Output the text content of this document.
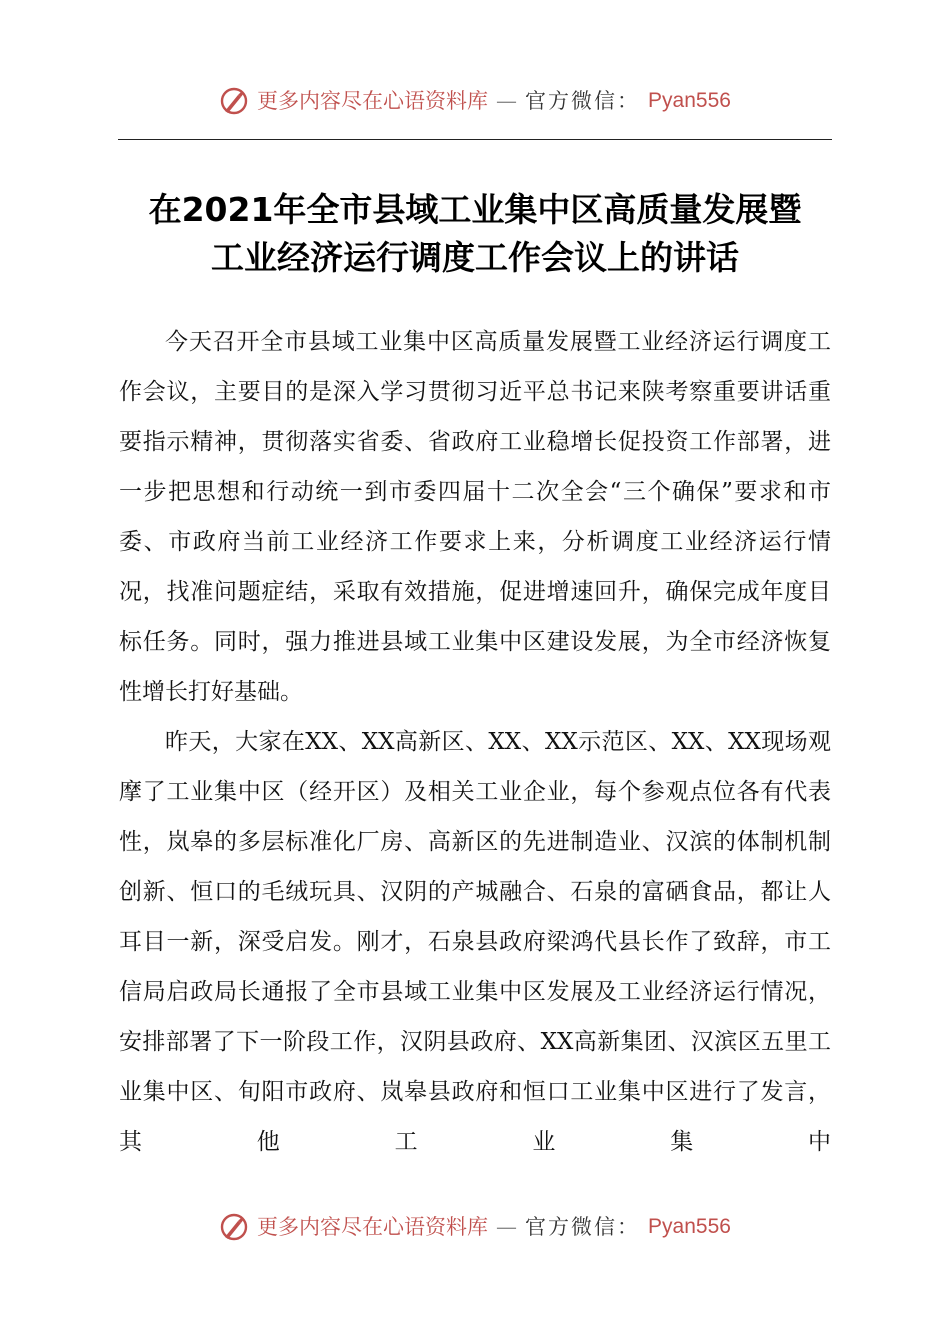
更多内容尽在心语资料库 — 官方微信： Pyan556
在2021年全市县域工业集中区高质量发展暨
工业经济运行调度工作会议上的讲话

今天召开全市县域工业集中区高质量发展暨工业经济运行调度工作会议，主要目的是深入学习贯彻习近平总书记来陕考察重要讲话重要指示精神，贯彻落实省委、省政府工业稳增长促投资工作部署，进一步把思想和行动统一到市委四届十二次全会“三个确保”要求和市委、市政府当前工业经济工作要求上来，分析调度工业经济运行情况，找准问题症结，采取有效措施，促进增速回升，确保完成年度目标任务。同时，强力推进县域工业集中区建设发展，为全市经济恢复性增长打好基础。

昨天，大家在XX、XX高新区、XX、XX示范区、XX、XX现场观摩了工业集中区（经开区）及相关工业企业，每个参观点位各有代表性，岚皋的多层标准化厂房、高新区的先进制造业、汉滨的体制机制创新、恒口的毛绒玩具、汉阴的产城融合、石泉的富硒食品，都让人耳目一新，深受启发。刚才，石泉县政府梁鸿代县长作了致辞，市工信局启政局长通报了全市县域工业集中区发展及工业经济运行情况，安排部署了下一阶段工作，汉阴县政府、XX高新集团、汉滨区五里工业集中区、旬阳市政府、岚皋县政府和恒口工业集中区进行了发言，其他工业集中

更多内容尽在心语资料库 — 官方微信： Pyan556
